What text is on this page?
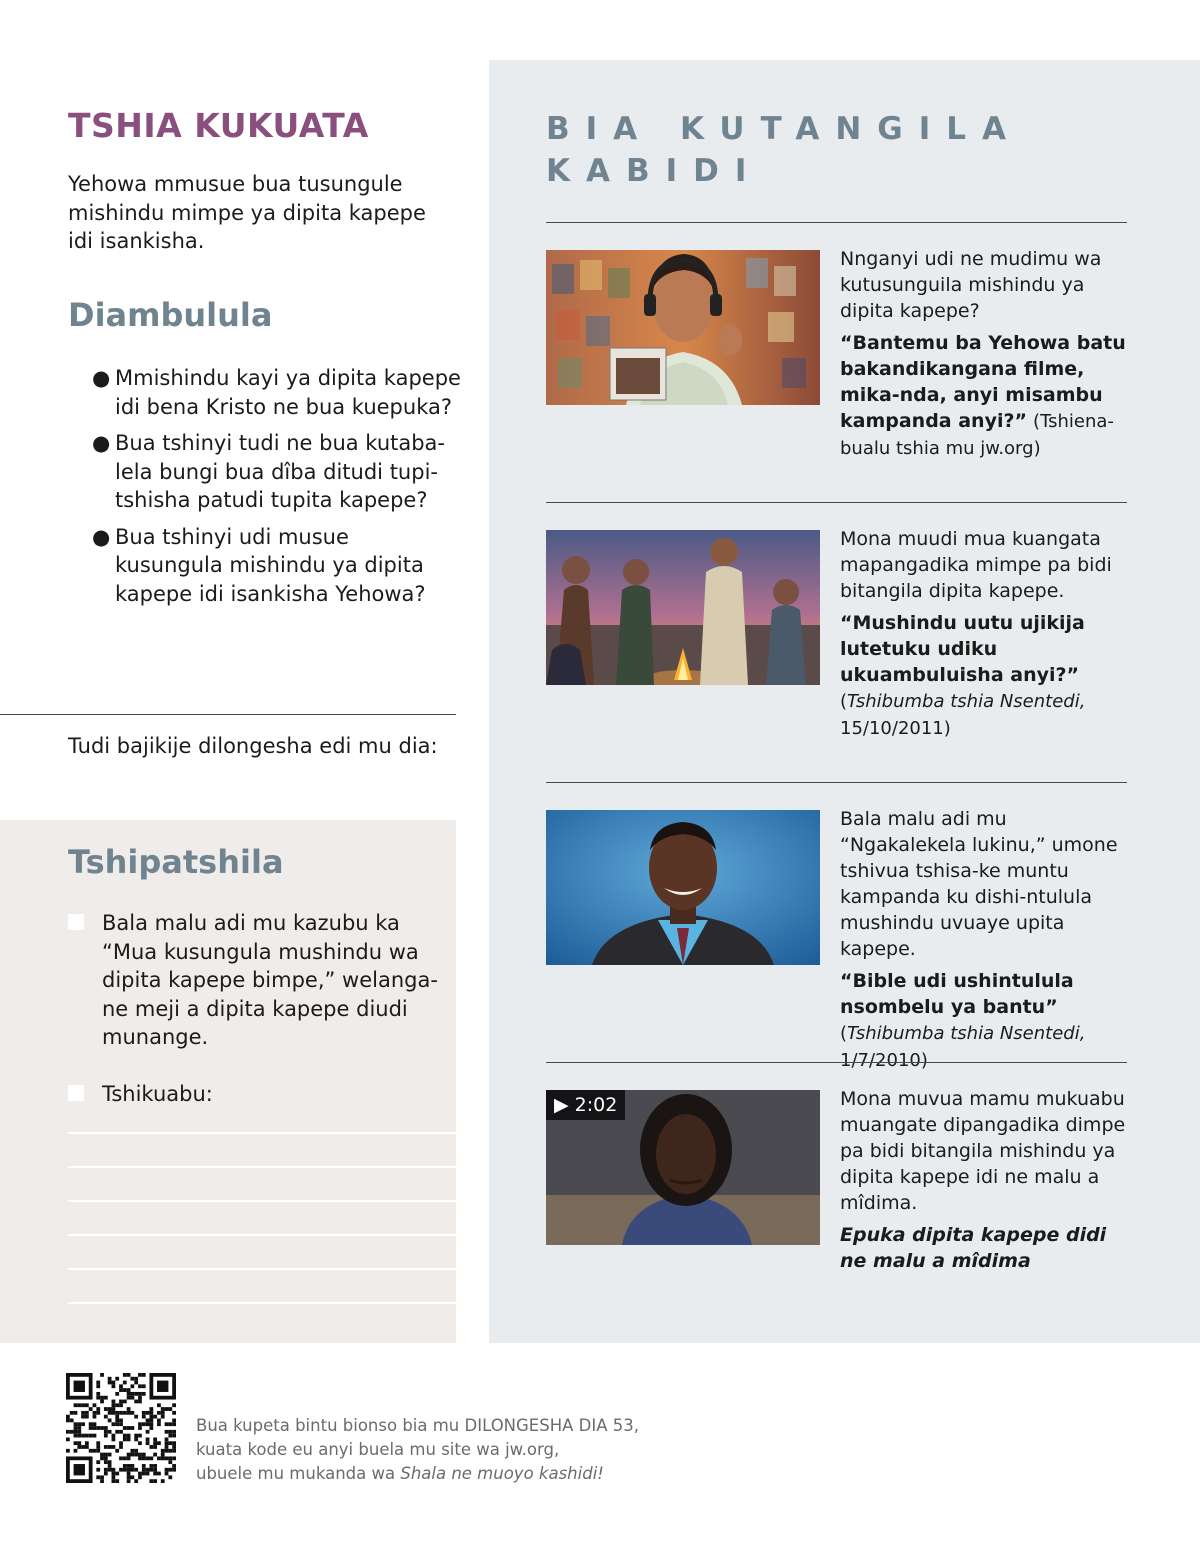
TSHIA KUKUATA

Yehowa mmusue bua tusungule mishindu mimpe ya dipita kapepe idi isankisha.

Diambulula
● Mmishindu kayi ya dipita kapepe idi bena Kristo ne bua kuepuka?
● Bua tshinyi tudi ne bua kutaba-lela bungi bua dîba ditudi tupi-tshisha patudi tupita kapepe?
● Bua tshinyi udi musue kusungula mishindu ya dipita kapepe idi isankisha Yehowa?

Tudi bajikije dilongesha edi mu dia:

Tshipatshila

Bala malu adi mu kazubu ka “Mua kusungula mushindu wa dipita kapepe bimpe,” welanga-ne meji a dipita kapepe diudi munange.

Tshikuabu:

BIA KUTANGILA KABIDI

Nnganyi udi ne mudimu wa kutusunguila mishindu ya dipita kapepe?

“Bantemu ba Yehowa batu bakandikangana filme, mika-nda, anyi misambu kampanda anyi?” (Tshiena-bualu tshia mu jw.org)

Mona muudi mua kuangata mapangadika mimpe pa bidi bitangila dipita kapepe.

“Mushindu uutu ujikija lutetuku udiku ukuambuluisha anyi?” (Tshibumba tshia Nsentedi, 15/10/2011)

Bala malu adi mu “Ngakalekela lukinu,” umone tshivua tshisa-ke muntu kampanda ku dishi-ntulula mushindu uvuaye upita kapepe.

“Bible udi ushintulula nsombelu ya bantu”
(Tshibumba tshia Nsentedi, 1/7/2010)
▶ 2:02	Mona muvua mamu mukuabu muangate dipangadika dimpe pa bidi bitangila mishindu ya dipita kapepe idi ne malu a mîdima.

Epuka dipita kapepe didi ne malu a mîdima

Bua kupeta bintu bionso bia mu DILONGESHA DIA 53,
kuata kode eu anyi buela mu site wa jw.org,
ubuele mu mukanda wa Shala ne muoyo kashidi!
